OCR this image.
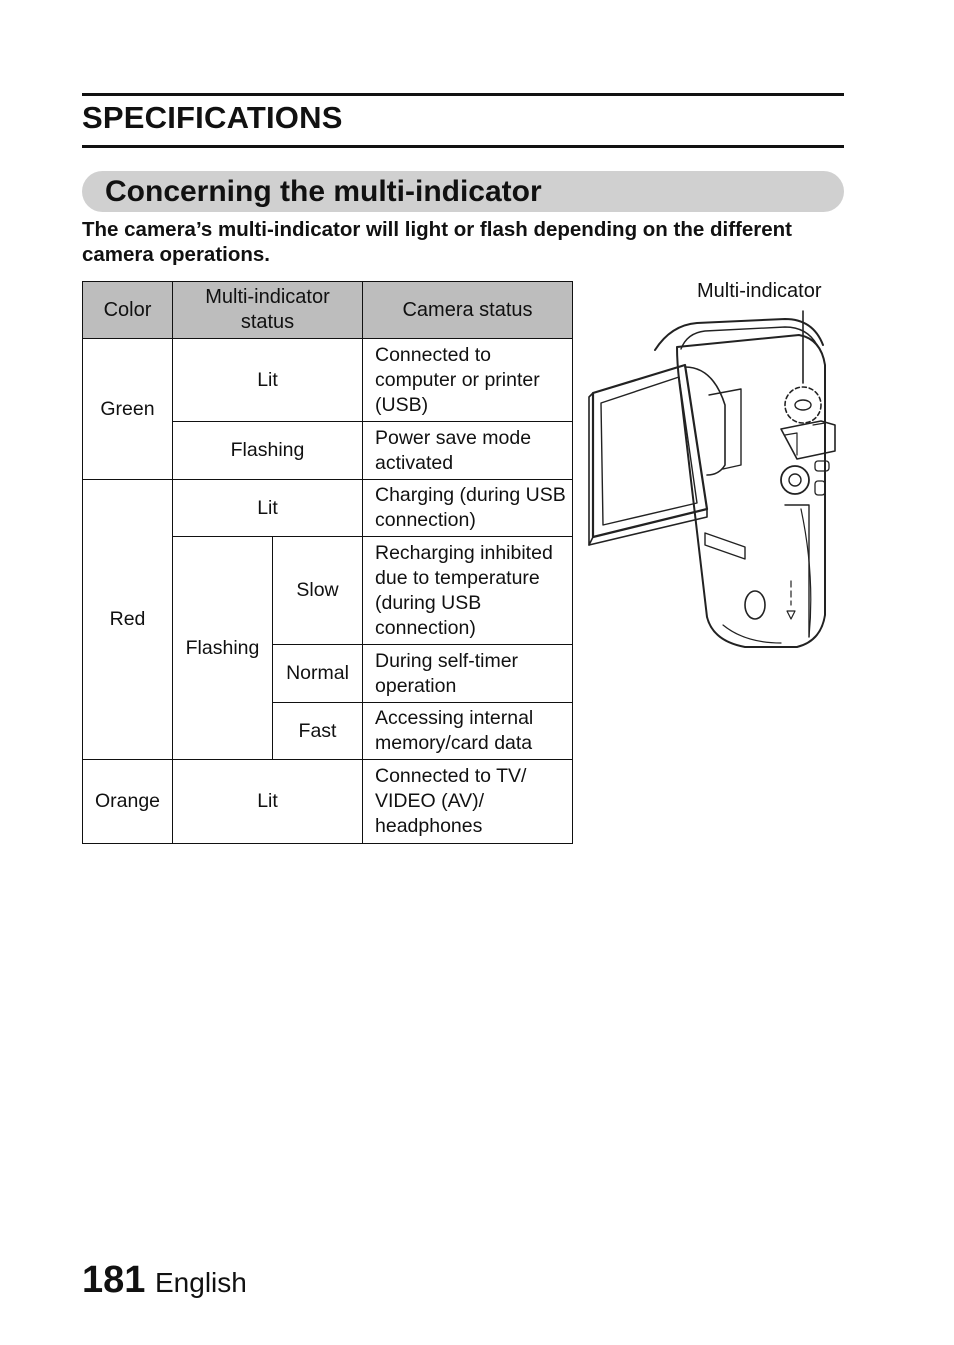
SPECIFICATIONS
Concerning the multi-indicator

The camera’s multi-indicator will light or flash depending on the different camera operations.

Color	Multi-indicator status		Camera status
Green	Lit		Connected to computer or printer (USB)
	Flashing		Power save mode activated
Red	Lit		Charging (during USB connection)
	Flashing	Slow	Recharging inhibited due to temperature (during USB connection)
		Normal	During self-timer operation
		Fast	Accessing internal memory/card data
Orange	Lit		Connected to TV/ VIDEO (AV)/ headphones

Multi-indicator

181 English
